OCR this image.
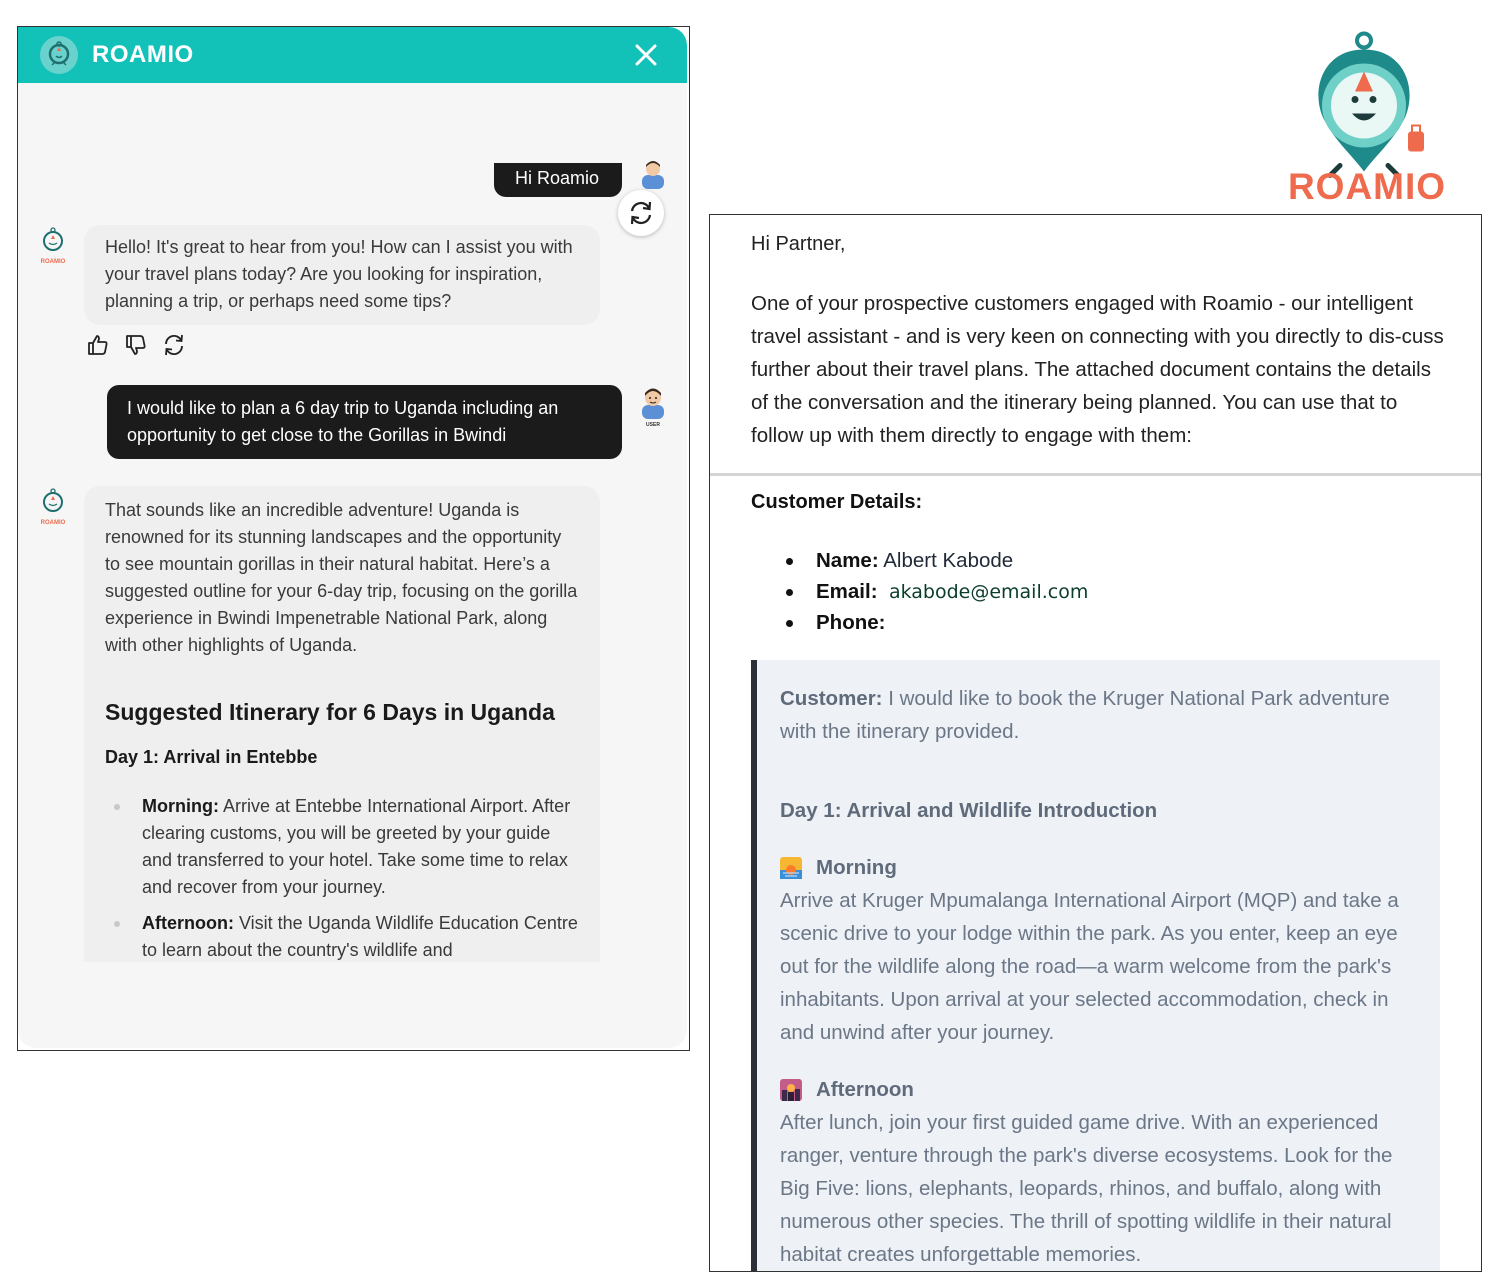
ROAMIO
Hi Roamio
ROAMIO
Hello! It's great to hear from you! How can I assist you with your travel plans today? Are you looking for inspiration, planning a trip, or perhaps need some tips?
I would like to plan a 6 day trip to Uganda including an opportunity to get close to the Gorillas in Bwindi	USER
ROAMIO
That sounds like an incredible adventure! Uganda is renowned for its stunning landscapes and the opportunity to see mountain gorillas in their natural habitat. Here’s a suggested outline for your 6-day trip, focusing on the gorilla experience in Bwindi Impenetrable National Park, along with other highlights of Uganda.
Suggested Itinerary for 6 Days in Uganda
Day 1: Arrival in Entebbe
Morning: Arrive at Entebbe International Airport. After clearing customs, you will be greeted by your guide and transferred to your hotel. Take some time to relax and recover from your journey.
Afternoon: Visit the Uganda Wildlife Education Centre to learn about the country's wildlife and
ROAMIO
Hi Partner,
One of your prospective customers engaged with Roamio - our intelligent travel assistant - and is very keen on connecting with you directly to dis-cuss further about their travel plans. The attached document contains the details of the conversation and the itinerary being planned. You can use that to follow up with them directly to engage with them:
Customer Details:
Name: Albert Kabode
Email: akabode@email.com
Phone:
Customer: I would like to book the Kruger National Park adventure with the itinerary provided.
Day 1: Arrival and Wildlife Introduction
Morning
Arrive at Kruger Mpumalanga International Airport (MQP) and take a scenic drive to your lodge within the park. As you enter, keep an eye out for the wildlife along the road—a warm welcome from the park's inhabitants. Upon arrival at your selected accommodation, check in and unwind after your journey.
Afternoon
After lunch, join your first guided game drive. With an experienced ranger, venture through the park's diverse ecosystems. Look for the Big Five: lions, elephants, leopards, rhinos, and buffalo, along with numerous other species. The thrill of spotting wildlife in their natural habitat creates unforgettable memories.
